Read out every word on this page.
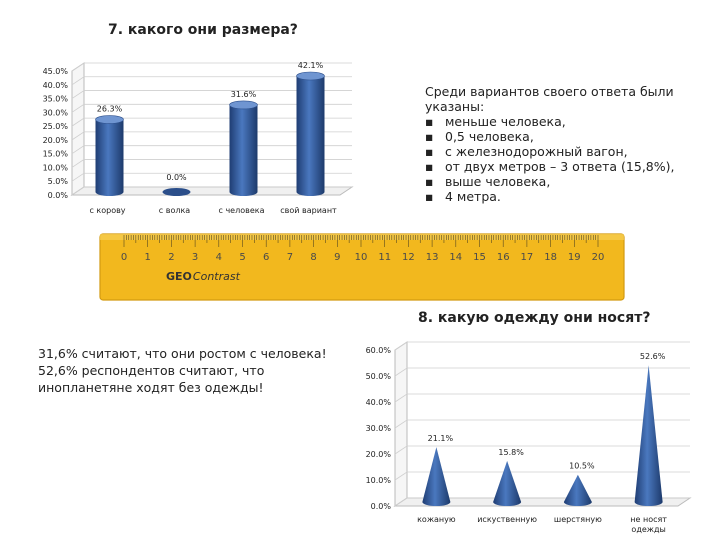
7. какого они размера?
0.0%
5.0%
10.0%
15.0%
20.0%
25.0%
30.0%
35.0%
40.0%
45.0%
26.3%
с корову
0.0%
с волка
31.6%
с человека
42.1%
свой вариант
Среди вариантов своего ответа были указаны:
▪ меньше человека,
▪ 0,5 человека,
▪ с железнодорожный вагон,
▪ от двух метров – 3 ответа (15,8%),
▪ выше человека,
▪ 4 метра.
0 1 2 3 4 5 6 7 8 9 10 11 12 13 14 15 16 17 18 19 20
GEOContrast
8. какую одежду они носят?
31,6% считают, что они ростом с человека!
52,6% респондентов считают, что инопланетяне ходят без одежды!
0.0%
10.0%
20.0%
30.0%
40.0%
50.0%
60.0%
21.1%
кожаную
15.8%
искуственную
10.5%
шерстяную
52.6%
не носят
одежды
